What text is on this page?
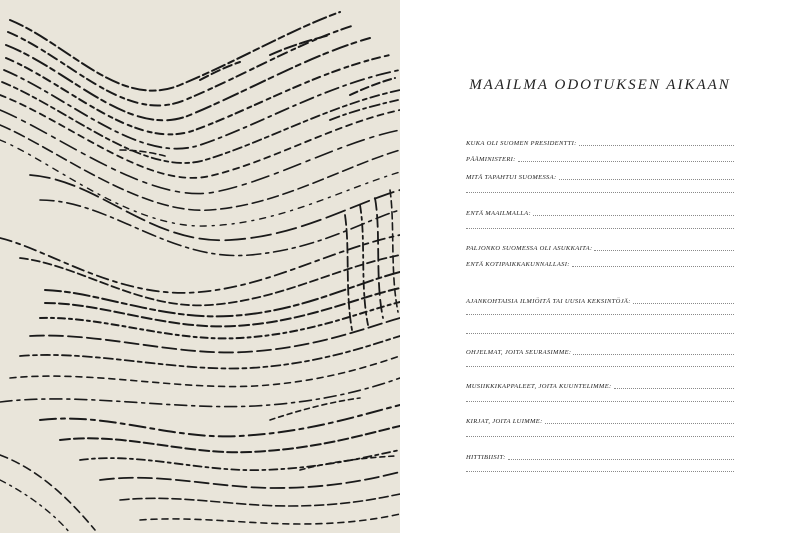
MAAILMA ODOTUKSEN AIKAAN
KUKA OLI SUOMEN PRESIDENTTI:
PÄÄMINISTERI:
MITÄ TAPAHTUI SUOMESSA:
ENTÄ MAAILMALLA:
PALJONKO SUOMESSA OLI ASUKKAITA:
ENTÄ KOTIPAIKKAKUNNALLASI:
AJANKOHTAISIA ILMIÖITÄ TAI UUSIA KEKSINTÖJÄ:
OHJELMAT, JOITA SEURASIMME:
MUSIIKKIKAPPALEET, JOITA KUUNTELIMME:
KIRJAT, JOITA LUIMME:
HITTIBIISIT:
